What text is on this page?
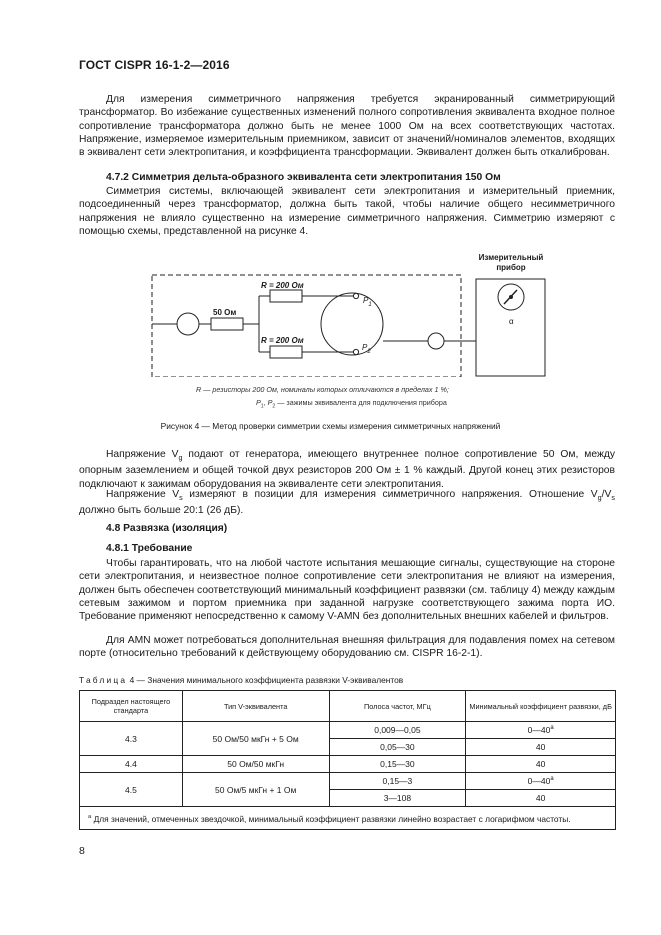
ГОСТ CISPR 16-1-2—2016
Для измерения симметричного напряжения требуется экранированный симметрирующий трансформатор. Во избежание существенных изменений полного сопротивления эквивалента входное полное сопротивление трансформатора должно быть не менее 1000 Ом на всех соответствующих частотах. Напряжение, измеряемое измерительным приемником, зависит от значений/номиналов элементов, входящих в эквивалент сети электропитания, и коэффициента трансформации. Эквивалент должен быть откалиброван.
4.7.2 Симметрия дельта-образного эквивалента сети электропитания 150 Ом
Симметрия системы, включающей эквивалент сети электропитания и измерительный приемник, подсоединенный через трансформатор, должна быть такой, чтобы наличие общего несимметричного напряжения не влияло существенно на измерение симметричного напряжения. Симметрию измеряют с помощью схемы, представленной на рисунке 4.
50 Ом
R = 200 Ом
R = 200 Ом
$P_1$
$P_2$
Измерительный
прибор
α
R — резисторы 200 Ом, номиналы которых отличаются в пределах 1 %;
$P_1$, $P_2$ — зажимы эквивалента для подключения прибора
Рисунок 4 — Метод проверки симметрии схемы измерения симметричных напряжений
Напряжение $V_g$ подают от генератора, имеющего внутреннее полное сопротивление 50 Ом, между опорным заземлением и общей точкой двух резисторов 200 Ом ± 1 % каждый. Другой конец этих резисторов подключают к зажимам оборудования на эквиваленте сети электропитания.
Напряжение $V_s$ измеряют в позиции для измерения симметричного напряжения. Отношение $V_g/V_s$ должно быть больше 20:1 (26 дБ).
4.8 Развязка (изоляция)
4.8.1 Требование
Чтобы гарантировать, что на любой частоте испытания мешающие сигналы, существующие на стороне сети электропитания, и неизвестное полное сопротивление сети электропитания не влияют на измерения, должен быть обеспечен соответствующий минимальный коэффициент развязки (см. таблицу 4) между каждым сетевым зажимом и портом приемника при заданной нагрузке соответствующего зажима порта ИО. Требование применяют непосредственно к самому V-AMN без дополнительных внешних кабелей и фильтров.
Для AMN может потребоваться дополнительная внешняя фильтрация для подавления помех на сетевом порте (относительно требований к действующему оборудованию см. CISPR 16-2-1).
Таблица 4 — Значения минимального коэффициента развязки V-эквивалентов
Подраздел настоящего стандарта	Тип V-эквивалента	Полоса частот, МГц	Минимальный коэффициент развязки, дБ
4.3	50 Ом/50 мкГн + 5 Ом	0,009—0,05	0—40$^a$
		0,05—30	40
4.4	50 Ом/50 мкГн	0,15—30	40
4.5	50 Ом/5 мкГн + 1 Ом	0,15—3	0—40$^a$
		3—108	40
$^a$ Для значений, отмеченных звездочкой, минимальный коэффициент развязки линейно возрастает с логарифмом частоты.			
8
